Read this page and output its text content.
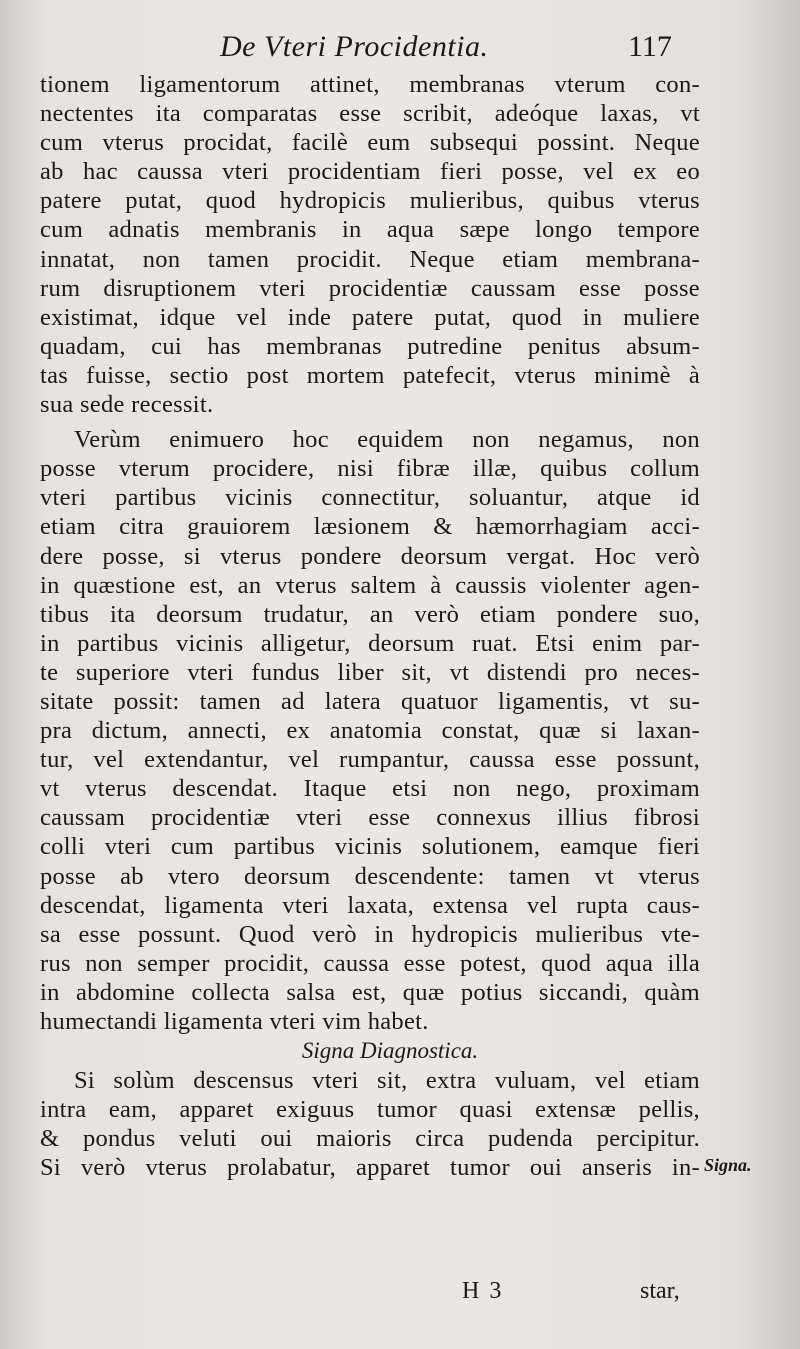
De Vteri Procidentia.	117
tionem ligamentorum attinet, membranas vterum con-
nectentes ita comparatas esse scribit, adeóque laxas, vt
cum vterus procidat, facilè eum subsequi possint. Neque
ab hac caussa vteri procidentiam fieri posse, vel ex eo
patere putat, quod hydropicis mulieribus, quibus vterus
cum adnatis membranis in aqua sæpe longo tempore
innatat, non tamen procidit. Neque etiam membrana-
rum disruptionem vteri procidentiæ caussam esse posse
existimat, idque vel inde patere putat, quod in muliere
quadam, cui has membranas putredine penitus absum-
tas fuisse, sectio post mortem patefecit, vterus minimè à
sua sede recessit.
Verùm enimuero hoc equidem non negamus, non
posse vterum procidere, nisi fibræ illæ, quibus collum
vteri partibus vicinis connectitur, soluantur, atque id
etiam citra grauiorem læsionem & hæmorrhagiam acci-
dere posse, si vterus pondere deorsum vergat. Hoc verò
in quæstione est, an vterus saltem à caussis violenter agen-
tibus ita deorsum trudatur, an verò etiam pondere suo,
in partibus vicinis alligetur, deorsum ruat. Etsi enim par-
te superiore vteri fundus liber sit, vt distendi pro neces-
sitate possit: tamen ad latera quatuor ligamentis, vt su-
pra dictum, annecti, ex anatomia constat, quæ si laxan-
tur, vel extendantur, vel rumpantur, caussa esse possunt,
vt vterus descendat. Itaque etsi non nego, proximam
caussam procidentiæ vteri esse connexus illius fibrosi
colli vteri cum partibus vicinis solutionem, eamque fieri
posse ab vtero deorsum descendente: tamen vt vterus
descendat, ligamenta vteri laxata, extensa vel rupta caus-
sa esse possunt. Quod verò in hydropicis mulieribus vte-
rus non semper procidit, caussa esse potest, quod aqua illa
in abdomine collecta salsa est, quæ potius siccandi, quàm
humectandi ligamenta vteri vim habet.
Signa Diagnostica.
Si solùm descensus vteri sit, extra vuluam, vel etiam
intra eam, apparet exiguus tumor quasi extensæ pellis,
& pondus veluti oui maioris circa pudenda percipitur.
Si verò vterus prolabatur, apparet tumor oui anseris in- Signa.
H 3	star,
